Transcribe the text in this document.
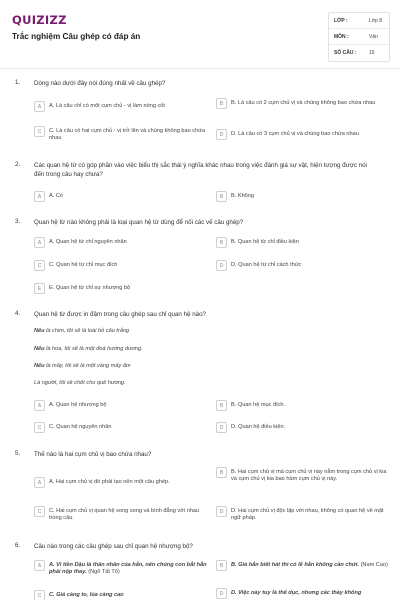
QUIZIZZ
Trắc nghiệm Câu ghép có đáp án
LỚP :	Lớp 8
MÔN :	Văn
SỐ CÂU :	15
1. Dòng nào dưới đây nói đúng nhất về câu ghép?
A	A. Là câu chỉ có một cụm chủ - vị làm nòng cốt	B	B. Là câu có 2 cụm chủ vị và chúng không bao chứa nhau
C	C. Là câu có hai cụm chủ - vị trở lên và chúng không bao chứa nhau
D	D. Là câu có 3 cụm chủ vị và chúng bao chứa nhau
2. Các quan hệ từ có góp phần vào việc biểu thị sắc thái ý nghĩa khác nhau trong việc đánh giá sự vật, hiện tượng được nói đến trong câu hay chưa?
A	A. Có	B	B. Không
3. Quan hệ từ nào không phải là loại quan hệ từ dùng để nối các vế câu ghép?
A	A. Quan hệ từ chỉ nguyên nhân	B	B. Quan hệ từ chỉ điều kiện
C	C. Quan hệ từ chỉ mục đích	D	D. Quan hệ từ chỉ cách thức
E	E. Quan hệ từ chỉ sự nhượng bộ
4. Quan hệ từ được in đậm trong câu ghép sau chỉ quan hệ nào?
Nếu là chim, tôi sẽ là loài bồ câu trắng
Nếu là hoa, tôi sẽ là một đoá hướng dương.
Nếu là mây, tôi sẽ là một vầng mây ấm
Là người, tôi sẽ chết cho quê hương.
A	A. Quan hệ nhượng bộ	B	B. Quan hệ mục đích.
C	C. Quan hệ nguyên nhân	D	D. Quan hệ điều kiện.
5. Thế nào là hai cụm chủ vị bao chứa nhau?
A	A. Hai cụm chủ vị đó phải tạo nên một câu ghép.
B	B. Hai cụm chủ vị mà cụm chủ vị này nằm trong cụm chủ vị kia và cụm chủ vị kia bao hàm cụm chủ vị này.
C	C. Hai cụm chủ vị quan hệ song song và bình đẳng với nhau trong câu.
D	D. Hai cụm chủ vị độc lập với nhau, không có quan hệ về mặt ngữ pháp.
6. Câu nào trong các câu ghép sau chỉ quan hệ nhượng bộ?
A	A. Vì tiền Dậu là thân nhân của hắn, nên chúng con bắt hắn phải nộp thay. (Ngô Tất Tố)
B	B. Giá hắn biết hát thì có lẽ hắn không cần chửi. (Nam Cao)
C	C. Giá càng to, lúa càng cao	D	D. Việc này tuy là thế dục, nhưng các thầy không
